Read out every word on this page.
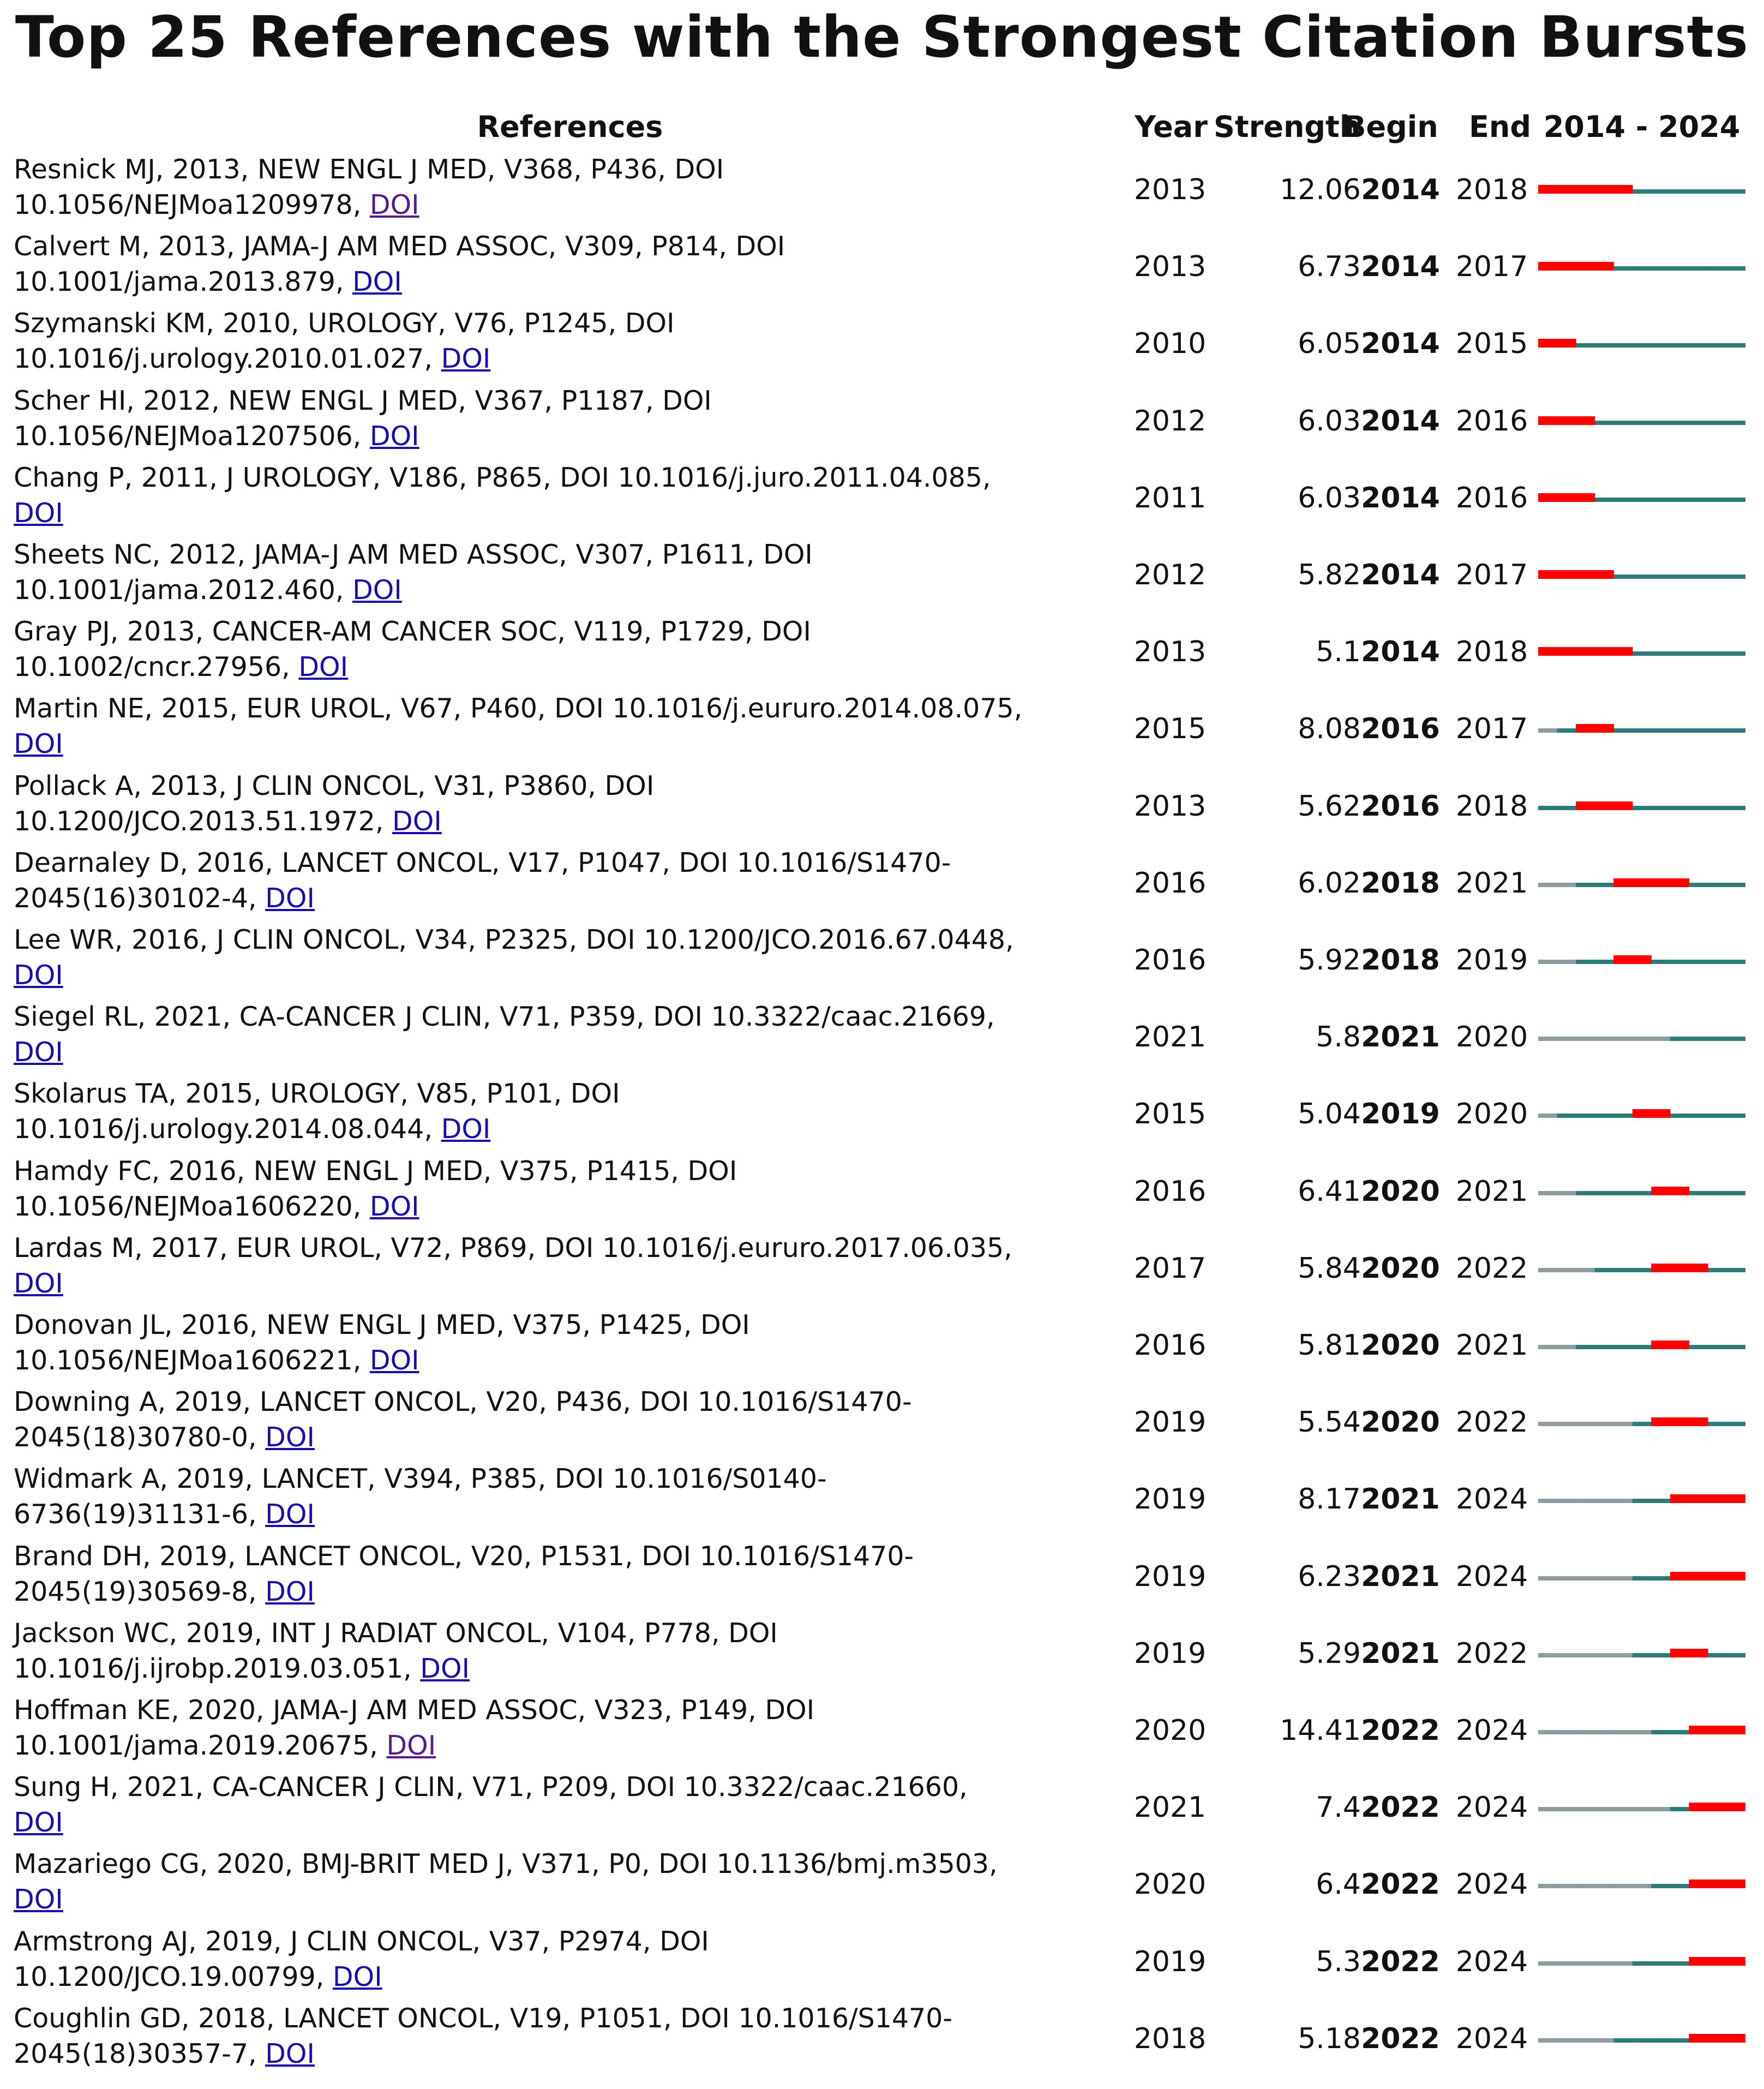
Top 25 References with the Strongest Citation Bursts
References	Year Strength
Begin	End 2014 - 2024
Resnick MJ, 2013, NEW ENGL J MED, V368, P436, DOI
10.1056/NEJMoa1209978, DOI	2013	12.06 2014 2018
Calvert M, 2013, JAMA-J AM MED ASSOC, V309, P814, DOI
10.1001/jama.2013.879, DOI	2013	6.73 2014 2017
Szymanski KM, 2010, UROLOGY, V76, P1245, DOI
10.1016/j.urology.2010.01.027, DOI	2010	6.05 2014 2015
Scher HI, 2012, NEW ENGL J MED, V367, P1187, DOI
10.1056/NEJMoa1207506, DOI	2012	6.03 2014 2016
Chang P, 2011, J UROLOGY, V186, P865, DOI 10.1016/j.juro.2011.04.085,
DOI	2011	6.03 2014 2016
Sheets NC, 2012, JAMA-J AM MED ASSOC, V307, P1611, DOI
10.1001/jama.2012.460, DOI	2012	5.82 2014 2017
Gray PJ, 2013, CANCER-AM CANCER SOC, V119, P1729, DOI
10.1002/cncr.27956, DOI	2013	5.1 2014 2018
Martin NE, 2015, EUR UROL, V67, P460, DOI 10.1016/j.eururo.2014.08.075,
DOI	2015	8.08 2016 2017
Pollack A, 2013, J CLIN ONCOL, V31, P3860, DOI
10.1200/JCO.2013.51.1972, DOI	2013	5.62 2016 2018
Dearnaley D, 2016, LANCET ONCOL, V17, P1047, DOI 10.1016/S1470-
2045(16)30102-4, DOI	2016	6.02 2018 2021
Lee WR, 2016, J CLIN ONCOL, V34, P2325, DOI 10.1200/JCO.2016.67.0448,
DOI	2016	5.92 2018 2019
Siegel RL, 2021, CA-CANCER J CLIN, V71, P359, DOI 10.3322/caac.21669,
DOI	2021	5.8 2021 2020
Skolarus TA, 2015, UROLOGY, V85, P101, DOI
10.1016/j.urology.2014.08.044, DOI	2015	5.04 2019 2020
Hamdy FC, 2016, NEW ENGL J MED, V375, P1415, DOI
10.1056/NEJMoa1606220, DOI	2016	6.41 2020 2021
Lardas M, 2017, EUR UROL, V72, P869, DOI 10.1016/j.eururo.2017.06.035,
DOI	2017	5.84 2020 2022
Donovan JL, 2016, NEW ENGL J MED, V375, P1425, DOI
10.1056/NEJMoa1606221, DOI	2016	5.81 2020 2021
Downing A, 2019, LANCET ONCOL, V20, P436, DOI 10.1016/S1470-
2045(18)30780-0, DOI	2019	5.54 2020 2022
Widmark A, 2019, LANCET, V394, P385, DOI 10.1016/S0140-
6736(19)31131-6, DOI	2019	8.17 2021 2024
Brand DH, 2019, LANCET ONCOL, V20, P1531, DOI 10.1016/S1470-
2045(19)30569-8, DOI	2019	6.23 2021 2024
Jackson WC, 2019, INT J RADIAT ONCOL, V104, P778, DOI
10.1016/j.ijrobp.2019.03.051, DOI	2019	5.29 2021 2022
Hoffman KE, 2020, JAMA-J AM MED ASSOC, V323, P149, DOI
10.1001/jama.2019.20675, DOI	2020	14.41 2022 2024
Sung H, 2021, CA-CANCER J CLIN, V71, P209, DOI 10.3322/caac.21660,
DOI	2021	7.4 2022 2024
Mazariego CG, 2020, BMJ-BRIT MED J, V371, P0, DOI 10.1136/bmj.m3503,
DOI	2020	6.4 2022 2024
Armstrong AJ, 2019, J CLIN ONCOL, V37, P2974, DOI
10.1200/JCO.19.00799, DOI	2019	5.3 2022 2024
Coughlin GD, 2018, LANCET ONCOL, V19, P1051, DOI 10.1016/S1470-
2045(18)30357-7, DOI	2018	5.18 2022 2024
